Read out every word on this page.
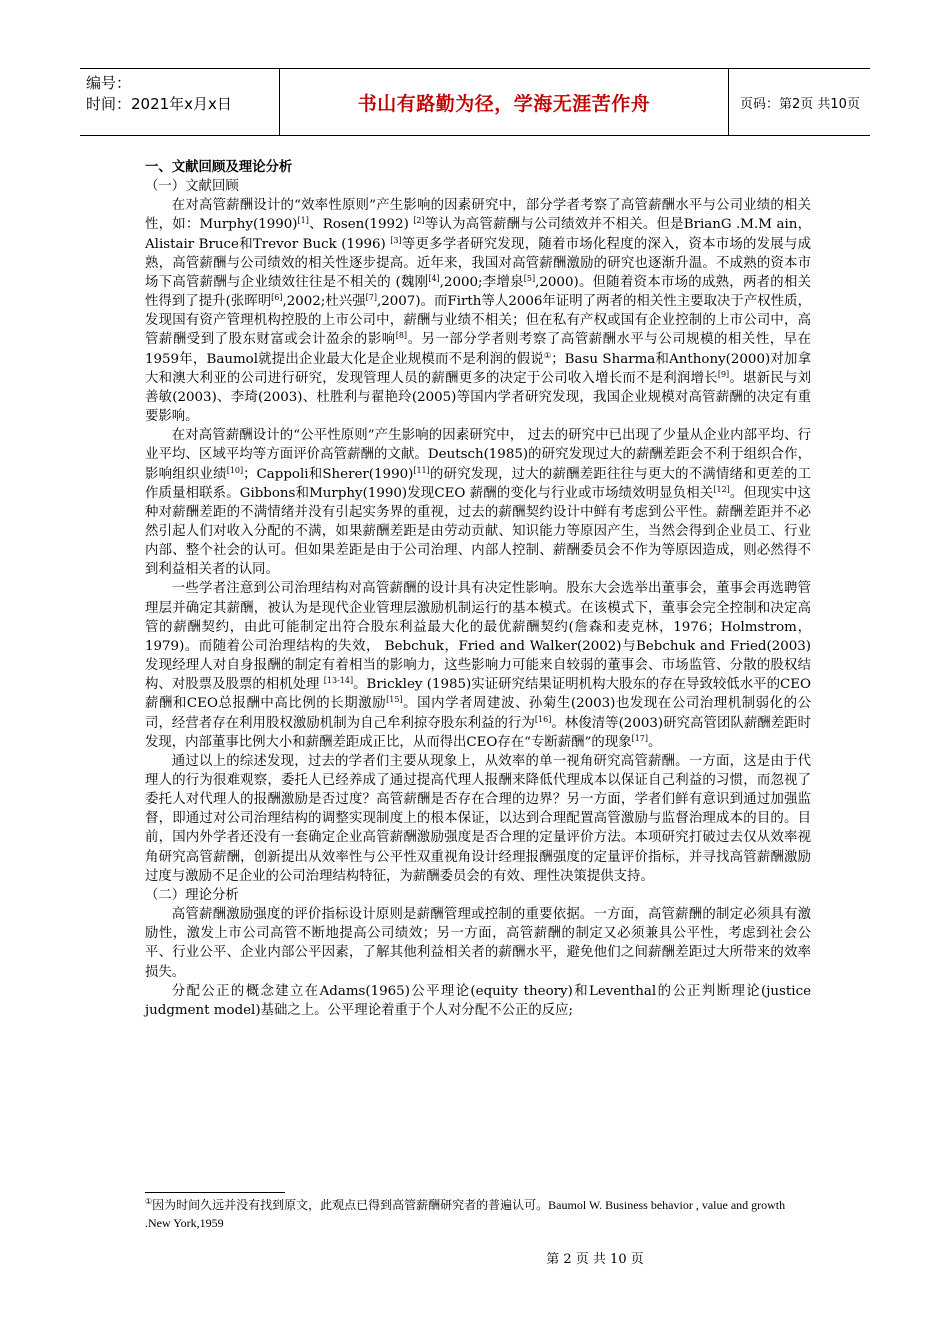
编号：
时间：2021年x月x日	书山有路勤为径，学海无涯苦作舟	页码：第2页 共10页

一、文献回顾及理论分析

（一）文献回顾

在对高管薪酬设计的“效率性原则”产生影响的因素研究中，部分学者考察了高管薪酬水平与公司业绩的相关性，如：Murphy(1990)[1]、Rosen(1992) [2]等认为高管薪酬与公司绩效并不相关。但是BrianG .M.M ain，Alistair Bruce和Trevor Buck (1996) [3]等更多学者研究发现，随着市场化程度的深入，资本市场的发展与成熟，高管薪酬与公司绩效的相关性逐步提高。近年来，我国对高管薪酬激励的研究也逐渐升温。不成熟的资本市场下高管薪酬与企业绩效往往是不相关的 (魏刚[4],2000;李增泉[5],2000)。但随着资本市场的成熟，两者的相关性得到了提升(张晖明[6],2002;杜兴强[7],2007)。而Firth等人2006年证明了两者的相关性主要取决于产权性质，发现国有资产管理机构控股的上市公司中，薪酬与业绩不相关；但在私有产权或国有企业控制的上市公司中，高管薪酬受到了股东财富或会计盈余的影响[8]。另一部分学者则考察了高管薪酬水平与公司规模的相关性，早在1959年，Baumol就提出企业最大化是企业规模而不是利润的假说①；Basu Sharma和Anthony(2000)对加拿大和澳大利亚的公司进行研究，发现管理人员的薪酬更多的决定于公司收入增长而不是利润增长[9]。堪新民与刘善敏(2003)、李琦(2003)、杜胜利与翟艳玲(2005)等国内学者研究发现，我国企业规模对高管薪酬的决定有重要影响。

在对高管薪酬设计的“公平性原则”产生影响的因素研究中， 过去的研究中已出现了少量从企业内部平均、行业平均、区域平均等方面评价高管薪酬的文献。Deutsch(1985)的研究发现过大的薪酬差距会不利于组织合作，影响组织业绩[10]；Cappoli和Sherer(1990)[11]的研究发现，过大的薪酬差距往往与更大的不满情绪和更差的工作质量相联系。Gibbons和Murphy(1990)发现CEO 薪酬的变化与行业或市场绩效明显负相关[12]。但现实中这种对薪酬差距的不满情绪并没有引起实务界的重视，过去的薪酬契约设计中鲜有考虑到公平性。薪酬差距并不必然引起人们对收入分配的不满，如果薪酬差距是由劳动贡献、知识能力等原因产生，当然会得到企业员工、行业内部、整个社会的认可。但如果差距是由于公司治理、内部人控制、薪酬委员会不作为等原因造成，则必然得不到利益相关者的认同。

一些学者注意到公司治理结构对高管薪酬的设计具有决定性影响。股东大会选举出董事会，董事会再选聘管理层并确定其薪酬，被认为是现代企业管理层激励机制运行的基本模式。在该模式下，董事会完全控制和决定高管的薪酬契约，由此可能制定出符合股东利益最大化的最优薪酬契约(詹森和麦克林，1976；Holmstrom，1979)。而随着公司治理结构的失效， Bebchuk，Fried and Walker(2002)与Bebchuk and Fried(2003)发现经理人对自身报酬的制定有着相当的影响力，这些影响力可能来自较弱的董事会、市场监管、分散的股权结构、对股票及股票的相机处理 [13-14]。Brickley (1985)实证研究结果证明机构大股东的存在导致较低水平的CEO薪酬和CEO总报酬中高比例的长期激励[15]。国内学者周建波、孙菊生(2003)也发现在公司治理机制弱化的公司，经营者存在利用股权激励机制为自己牟利掠夺股东利益的行为[16]。林俊清等(2003)研究高管团队薪酬差距时发现，内部董事比例大小和薪酬差距成正比，从而得出CEO存在“专断薪酬”的现象[17]。

通过以上的综述发现，过去的学者们主要从现象上，从效率的单一视角研究高管薪酬。一方面，这是由于代理人的行为很难观察，委托人已经养成了通过提高代理人报酬来降低代理成本以保证自己利益的习惯，而忽视了委托人对代理人的报酬激励是否过度？高管薪酬是否存在合理的边界？另一方面，学者们鲜有意识到通过加强监督，即通过对公司治理结构的调整实现制度上的根本保证，以达到合理配置高管激励与监督治理成本的目的。目前，国内外学者还没有一套确定企业高管薪酬激励强度是否合理的定量评价方法。本项研究打破过去仅从效率视角研究高管薪酬，创新提出从效率性与公平性双重视角设计经理报酬强度的定量评价指标，并寻找高管薪酬激励过度与激励不足企业的公司治理结构特征，为薪酬委员会的有效、理性决策提供支持。

（二）理论分析

高管薪酬激励强度的评价指标设计原则是薪酬管理或控制的重要依据。一方面，高管薪酬的制定必须具有激励性，激发上市公司高管不断地提高公司绩效；另一方面，高管薪酬的制定又必须兼具公平性，考虑到社会公平、行业公平、企业内部公平因素，了解其他利益相关者的薪酬水平，避免他们之间薪酬差距过大所带来的效率损失。

分配公正的概念建立在Adams(1965)公平理论(equity theory)和Leventhal的公正判断理论(justice judgment model)基础之上。公平理论着重于个人对分配不公正的反应;

①因为时间久远并没有找到原文，此观点已得到高管薪酬研究者的普遍认可。Baumol W. Business behavior , value and growth .New York,1959
第 2 页 共 10 页
